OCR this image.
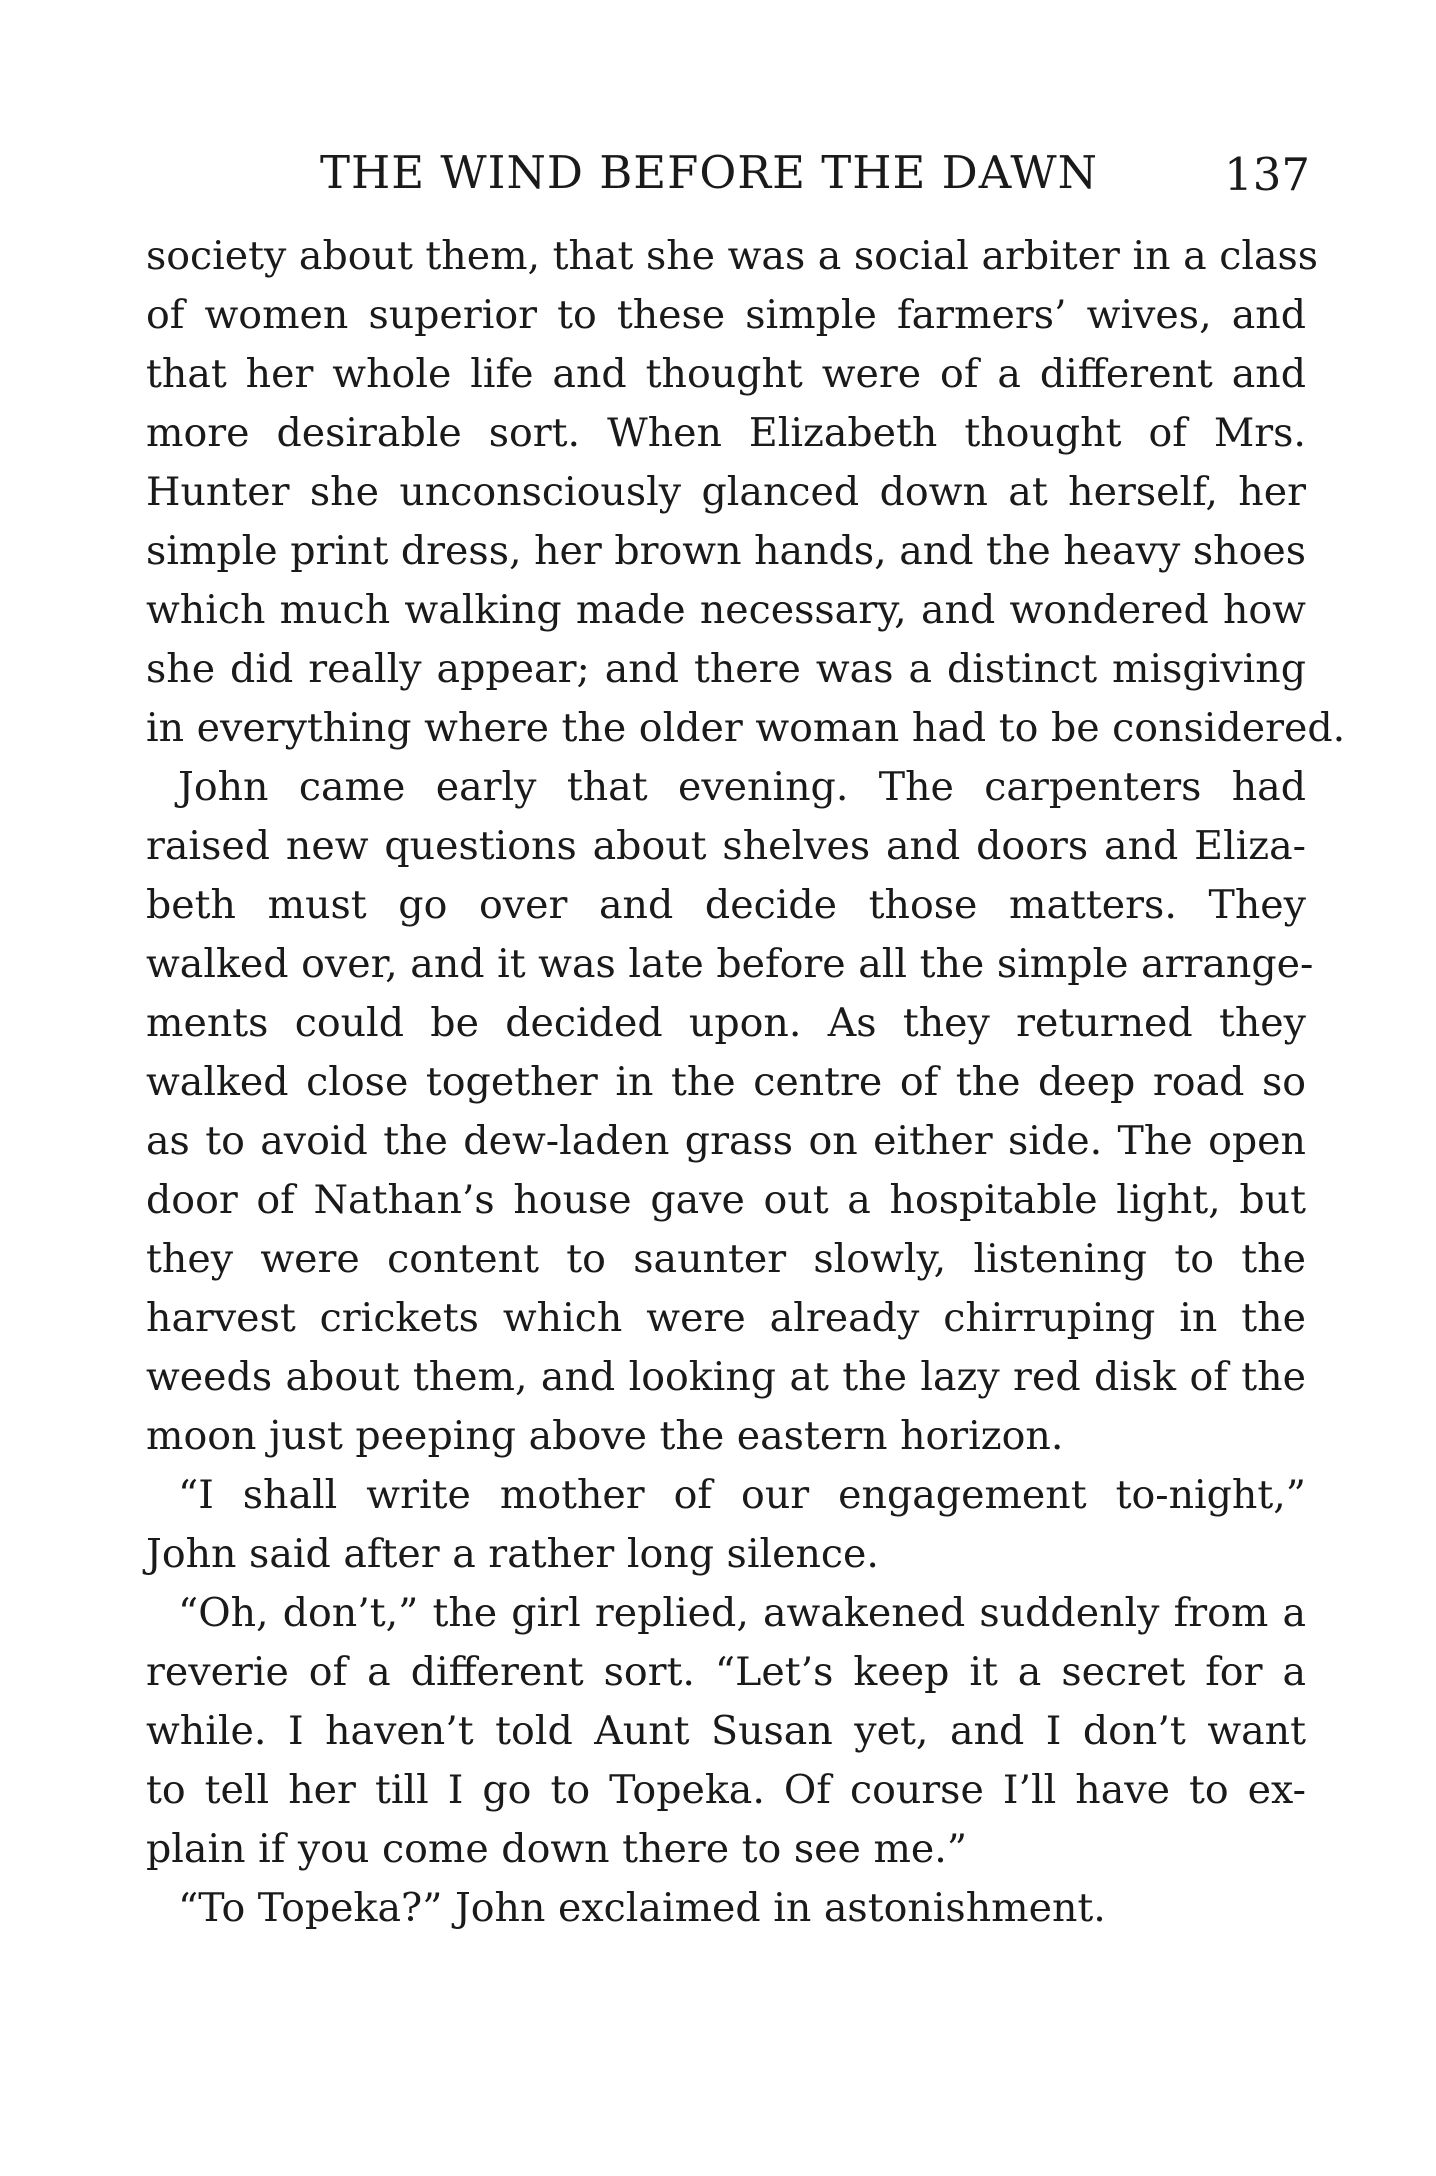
THE WIND BEFORE THE DAWN	137
society about them, that she was a social arbiter in a class
of women superior to these simple farmers’ wives, and
that her whole life and thought were of a different and
more desirable sort. When Elizabeth thought of Mrs.
Hunter she unconsciously glanced down at herself, her
simple print dress, her brown hands, and the heavy shoes
which much walking made necessary, and wondered how
she did really appear; and there was a distinct misgiving
in everything where the older woman had to be considered.
John came early that evening. The carpenters had
raised new questions about shelves and doors and Eliza-
beth must go over and decide those matters. They
walked over, and it was late before all the simple arrange-
ments could be decided upon. As they returned they
walked close together in the centre of the deep road so
as to avoid the dew-laden grass on either side. The open
door of Nathan’s house gave out a hospitable light, but
they were content to saunter slowly, listening to the
harvest crickets which were already chirruping in the
weeds about them, and looking at the lazy red disk of the
moon just peeping above the eastern horizon.
“I shall write mother of our engagement to-night,”
John said after a rather long silence.
“Oh, don’t,” the girl replied, awakened suddenly from a
reverie of a different sort. “Let’s keep it a secret for a
while. I haven’t told Aunt Susan yet, and I don’t want
to tell her till I go to Topeka. Of course I’ll have to ex-
plain if you come down there to see me.”
“To Topeka?” John exclaimed in astonishment.
